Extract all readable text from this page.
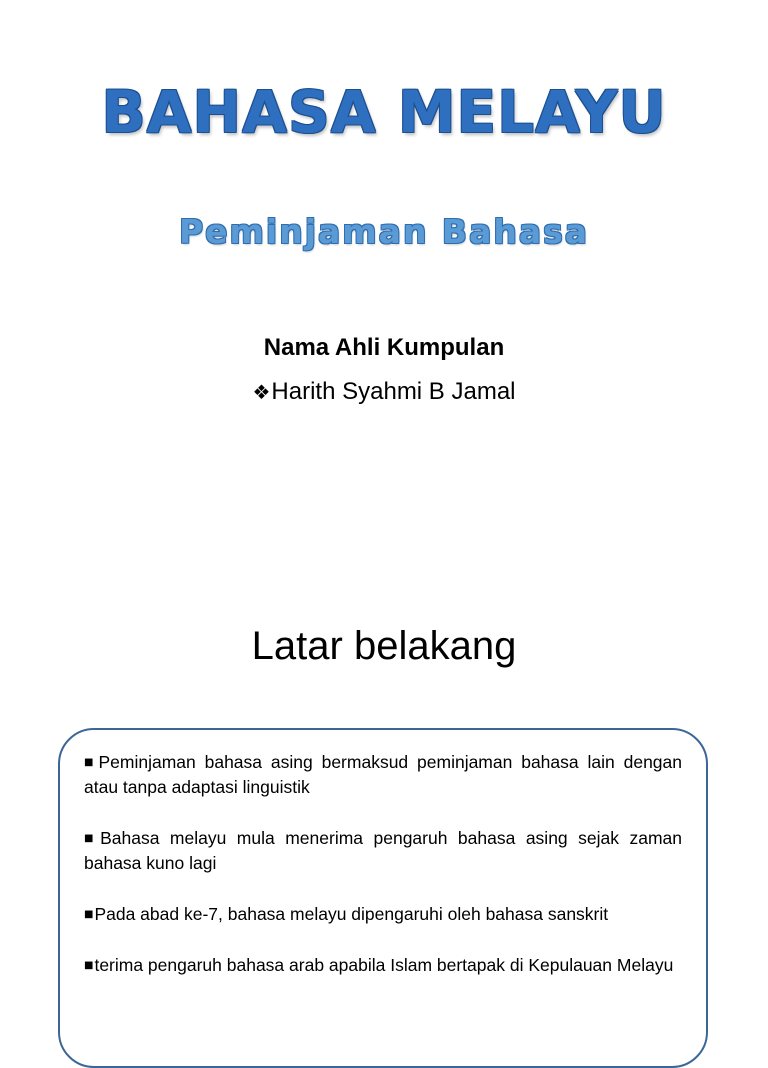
BAHASA MELAYU
Peminjaman Bahasa
Nama Ahli Kumpulan
❖Harith Syahmi B Jamal
Latar belakang

■Peminjaman bahasa asing bermaksud peminjaman bahasa lain dengan atau tanpa adaptasi linguistik

■Bahasa melayu mula menerima pengaruh bahasa asing sejak zaman bahasa kuno lagi

■Pada abad ke-7, bahasa melayu dipengaruhi oleh bahasa sanskrit

■terima pengaruh bahasa arab apabila Islam bertapak di Kepulauan Melayu
